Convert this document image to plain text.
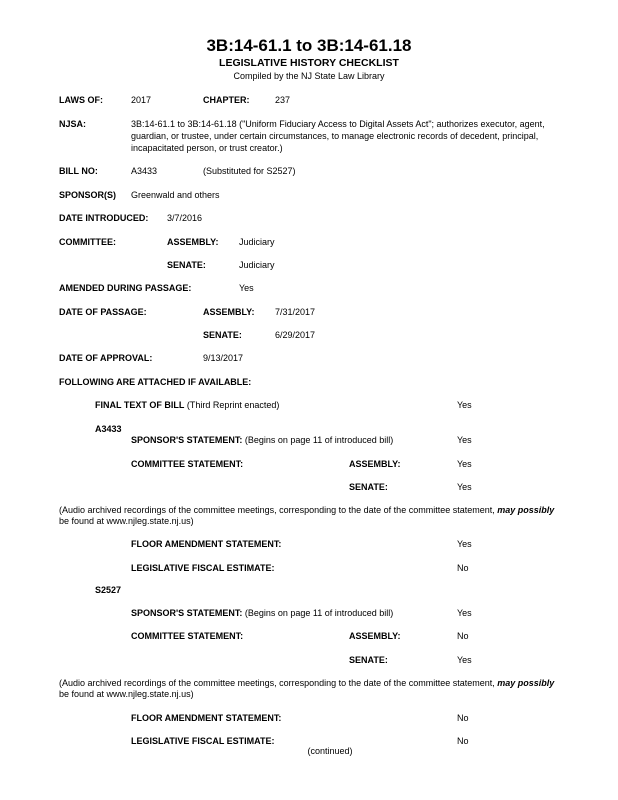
3B:14-61.1 to 3B:14-61.18
LEGISLATIVE HISTORY CHECKLIST
Compiled by the NJ State Law Library
LAWS OF:	2017	CHAPTER:	237
NJSA:	3B:14-61.1 to 3B:14-61.18 ("Uniform Fiduciary Access to Digital Assets Act"; authorizes executor, agent,
guardian, or trustee, under certain circumstances, to manage electronic records of decedent, principal,
incapacitated person, or trust creator.)
BILL NO:	A3433	(Substituted for S2527)
SPONSOR(S) Greenwald and others
DATE INTRODUCED: 3/7/2016
COMMITTEE:	ASSEMBLY: Judiciary
SENATE:	Judiciary
AMENDED DURING PASSAGE:	Yes
DATE OF PASSAGE:	ASSEMBLY: 7/31/2017
SENATE:	6/29/2017
DATE OF APPROVAL:	9/13/2017
FOLLOWING ARE ATTACHED IF AVAILABLE:
FINAL TEXT OF BILL (Third Reprint enacted)	Yes
A3433
SPONSOR'S STATEMENT: (Begins on page 11 of introduced bill)	Yes
COMMITTEE STATEMENT:	ASSEMBLY:	Yes
SENATE:	Yes
(Audio archived recordings of the committee meetings, corresponding to the date of the committee statement, may possibly
be found at www.njleg.state.nj.us)
FLOOR AMENDMENT STATEMENT:	Yes
LEGISLATIVE FISCAL ESTIMATE:	No
S2527
SPONSOR'S STATEMENT: (Begins on page 11 of introduced bill)	Yes
COMMITTEE STATEMENT:	ASSEMBLY:	No
SENATE:	Yes
(Audio archived recordings of the committee meetings, corresponding to the date of the committee statement, may possibly
be found at www.njleg.state.nj.us)
FLOOR AMENDMENT STATEMENT:	No
LEGISLATIVE FISCAL ESTIMATE:	No
(continued)
